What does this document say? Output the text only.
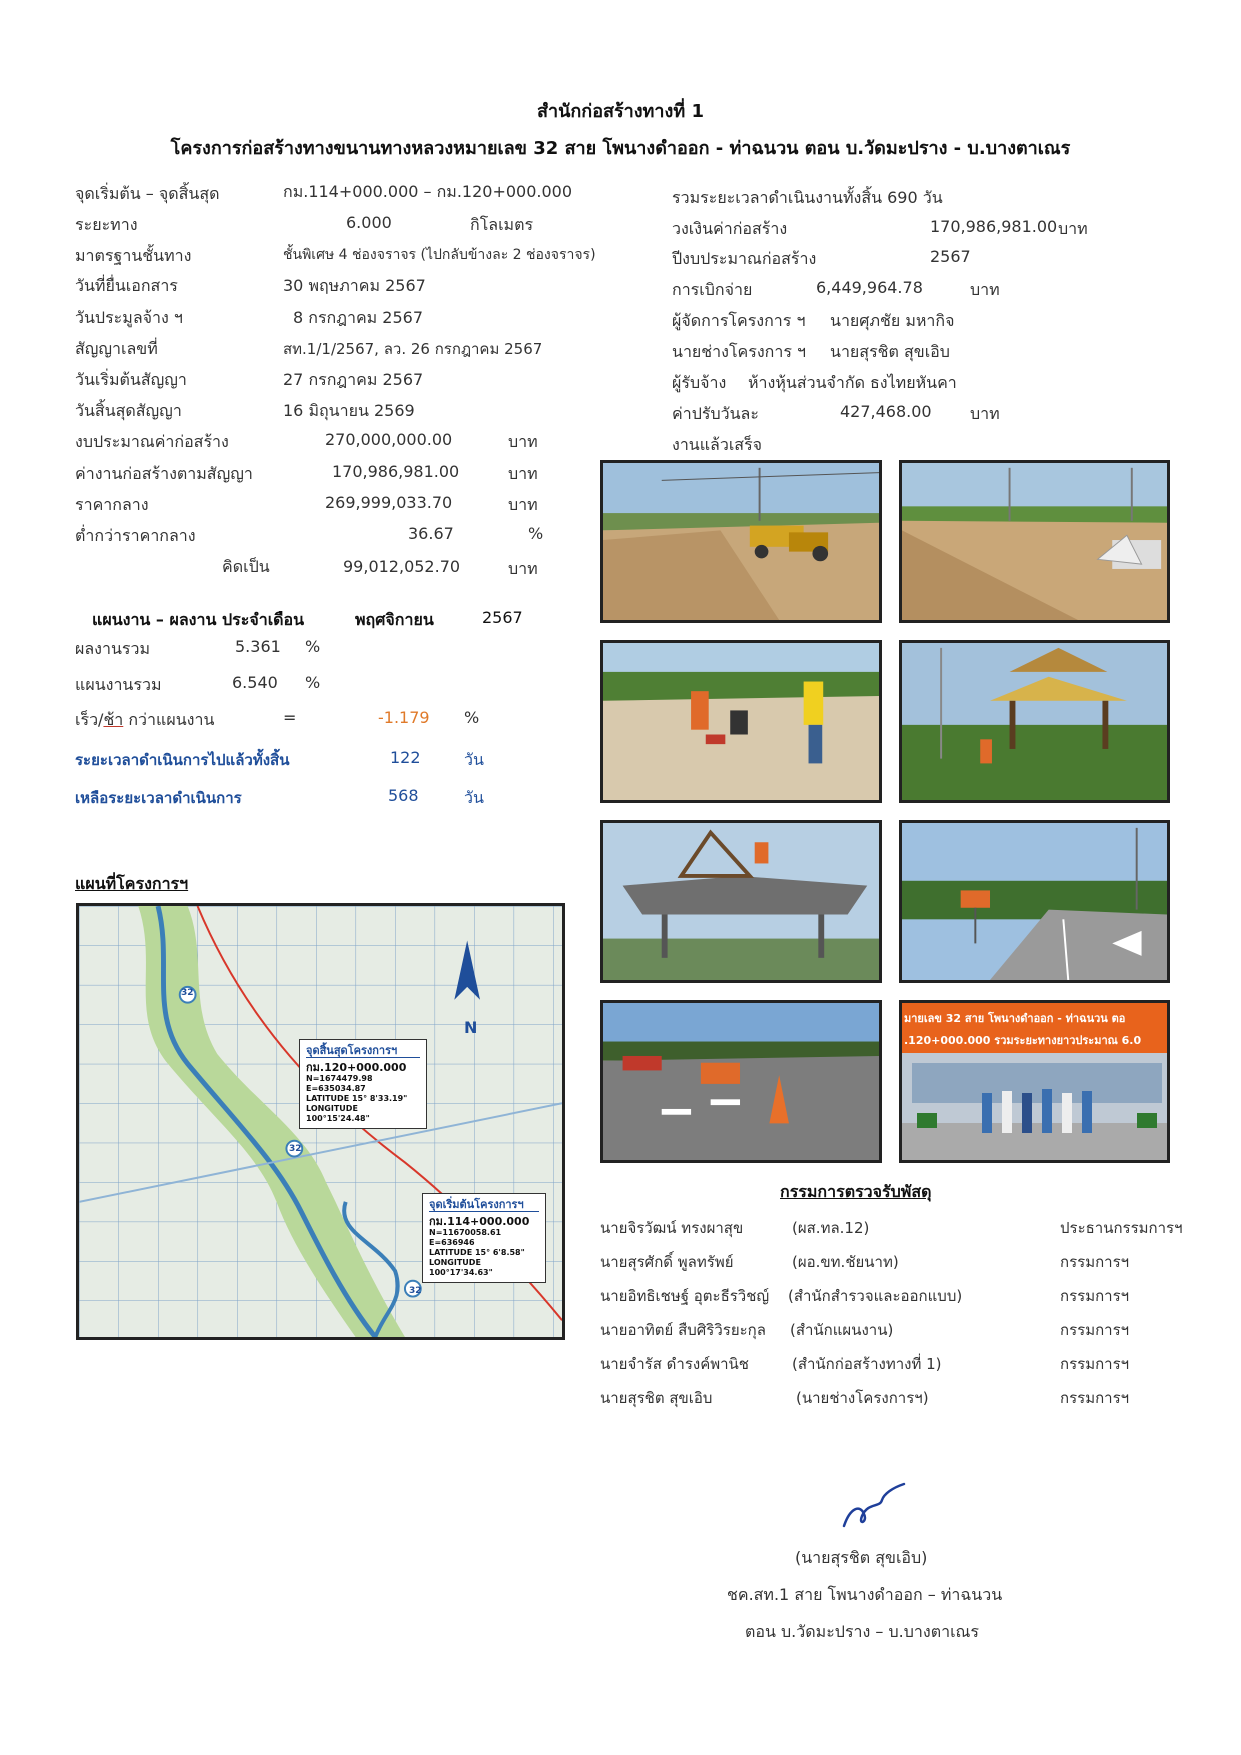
สำนักก่อสร้างทางที่ 1
โครงการก่อสร้างทางขนานทางหลวงหมายเลข 32 สาย โพนางดำออก - ท่าฉนวน ตอน บ.วัดมะปราง - บ.บางตาเณร
จุดเริ่มต้น – จุดสิ้นสุด	กม.114+000.000 – กม.120+000.000
ระยะทาง	6.000	กิโลเมตร
มาตรฐานชั้นทาง	ชั้นพิเศษ 4 ช่องจราจร (ไปกลับข้างละ 2 ช่องจราจร)
วันที่ยื่นเอกสาร	30 พฤษภาคม 2567
วันประมูลจ้าง ฯ	8 กรกฎาคม 2567
สัญญาเลขที่	สท.1/1/2567, ลว. 26 กรกฎาคม 2567
วันเริ่มต้นสัญญา	27 กรกฎาคม 2567
วันสิ้นสุดสัญญา	16 มิถุนายน 2569
งบประมาณค่าก่อสร้าง	270,000,000.00	บาท
ค่างานก่อสร้างตามสัญญา	170,986,981.00	บาท
ราคากลาง	269,999,033.70	บาท
ต่ำกว่าราคากลาง	36.67	%
คิดเป็น	99,012,052.70	บาท
รวมระยะเวลาดำเนินงานทั้งสิ้น 690 วัน
วงเงินค่าก่อสร้าง	170,986,981.00 บาท
ปีงบประมาณก่อสร้าง	2567
การเบิกจ่าย	6,449,964.78	บาท
ผู้จัดการโครงการ ฯ นายศุภชัย มหากิจ
นายช่างโครงการ ฯ นายสุรชิต สุขเอิบ
ผู้รับจ้าง ห้างหุ้นส่วนจำกัด ธงไทยหันคา
ค่าปรับวันละ	427,468.00 บาท
งานแล้วเสร็จ
แผนงาน – ผลงาน ประจำเดือน	พฤศจิกายน	2567
ผลงานรวม	5.361 %
แผนงานรวม	6.540 %
เร็ว/ช้า กว่าแผนงาน	=	-1.179 %
ระยะเวลาดำเนินการไปแล้วทั้งสิ้น	122	วัน
เหลือระยะเวลาดำเนินการ	568	วัน
มายเลข 32 สาย โพนางดำออก - ท่าฉนวน ตอ
.120+000.000 รวมระยะทางยาวประมาณ 6.0
แผนที่โครงการฯ
32
32
32
N
จุดสิ้นสุดโครงการฯ
กม.120+000.000
N=1674479.98
E=635034.87
LATITUDE 15° 8'33.19"
LONGITUDE 100°15'24.48"
จุดเริ่มต้นโครงการฯ
กม.114+000.000
N=11670058.61
E=636946
LATITUDE 15° 6'8.58"
LONGITUDE 100°17'34.63"
กรรมการตรวจรับพัสดุ
นายจิรวัฒน์ ทรงผาสุข	(ผส.ทล.12)	ประธานกรรมการฯ
นายสุรศักดิ์ พูลทรัพย์	(ผอ.ขท.ชัยนาท)	กรรมการฯ
นายอิทธิเชษฐ์ อุตะธีรวิชญ์ (สำนักสำรวจและออกแบบ)	กรรมการฯ
นายอาทิตย์ สืบศิริวิรยะกุล (สำนักแผนงาน)	กรรมการฯ
นายจำรัส ดำรงค์พานิช	(สำนักก่อสร้างทางที่ 1)	กรรมการฯ
นายสุรชิต สุขเอิบ	(นายช่างโครงการฯ)	กรรมการฯ
(นายสุรชิต สุขเอิบ)
ชค.สท.1 สาย โพนางดำออก – ท่าฉนวน
ตอน บ.วัดมะปราง – บ.บางตาเณร
